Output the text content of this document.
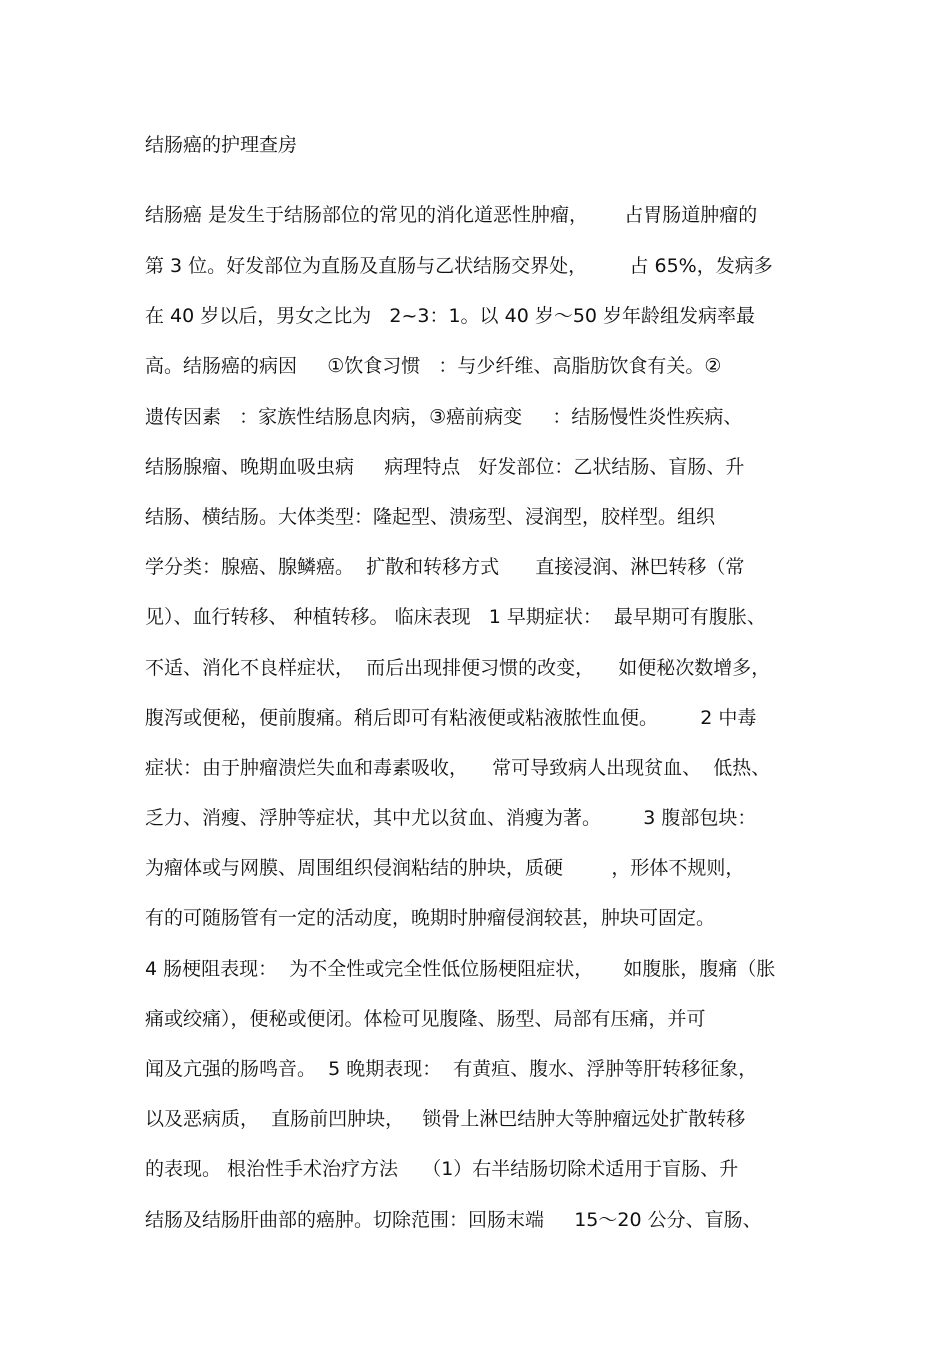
结肠癌的护理查房

结肠癌 是发生于结肠部位的常见的消化道恶性肿瘤，      占胃肠道肿瘤的

第 3 位。好发部位为直肠及直肠与乙状结肠交界处，       占 65%，发病多

在 40 岁以后，男女之比为   2~3：1。以 40 岁～50 岁年龄组发病率最

高。结肠癌的病因     ①饮食习惯   ：与少纤维、高脂肪饮食有关。②

遗传因素   ：家族性结肠息肉病，③癌前病变     ：结肠慢性炎性疾病、

结肠腺瘤、晚期血吸虫病     病理特点   好发部位：乙状结肠、盲肠、升

结肠、横结肠。大体类型：隆起型、溃疡型、浸润型，胶样型。组织

学分类：腺癌、腺鳞癌。  扩散和转移方式      直接浸润、淋巴转移（常

见）、血行转移、 种植转移。 临床表现   1 早期症状：  最早期可有腹胀、

不适、消化不良样症状，  而后出现排便习惯的改变，    如便秘次数增多，

腹泻或便秘，便前腹痛。稍后即可有粘液便或粘液脓性血便。       2 中毒

症状：由于肿瘤溃烂失血和毒素吸收，    常可导致病人出现贫血、  低热、

乏力、消瘦、浮肿等症状，其中尤以贫血、消瘦为著。       3 腹部包块：

为瘤体或与网膜、周围组织侵润粘结的肿块，质硬        ，形体不规则，

有的可随肠管有一定的活动度，晚期时肿瘤侵润较甚，肿块可固定。

4 肠梗阻表现：  为不全性或完全性低位肠梗阻症状，     如腹胀，腹痛（胀

痛或绞痛），便秘或便闭。体检可见腹隆、肠型、局部有压痛，并可

闻及亢强的肠鸣音。  5 晚期表现：  有黄疸、腹水、浮肿等肝转移征象，

以及恶病质，  直肠前凹肿块，   锁骨上淋巴结肿大等肿瘤远处扩散转移

的表现。 根治性手术治疗方法    （1）右半结肠切除术适用于盲肠、升

结肠及结肠肝曲部的癌肿。切除范围：回肠末端     15～20 公分、盲肠、
